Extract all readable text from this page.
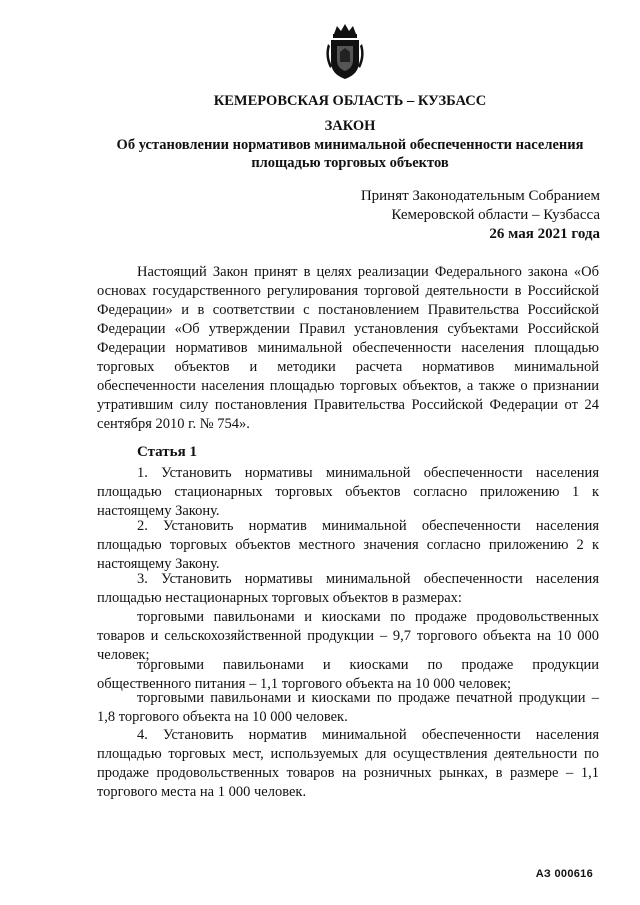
КЕМЕРОВСКАЯ ОБЛАСТЬ – КУЗБАСС
ЗАКОН
Об установлении нормативов минимальной обеспеченности населения
площадью торговых объектов
Принят Законодательным Собранием
Кемеровской области – Кузбасса
26 мая 2021 года
Настоящий Закон принят в целях реализации Федерального закона «Об основах государственного регулирования торговой деятельности в Российской Федерации» и в соответствии с постановлением Правительства Российской Федерации «Об утверждении Правил установления субъектами Российской Федерации нормативов минимальной обеспеченности населения площадью торговых объектов и методики расчета нормативов минимальной обеспеченности населения площадью торговых объектов, а также о признании утратившим силу постановления Правительства Российской Федерации от 24 сентября 2010 г. № 754».
Статья 1
1. Установить нормативы минимальной обеспеченности населения площадью стационарных торговых объектов согласно приложению 1 к настоящему Закону.
2. Установить норматив минимальной обеспеченности населения площадью торговых объектов местного значения согласно приложению 2 к настоящему Закону.
3. Установить нормативы минимальной обеспеченности населения площадью нестационарных торговых объектов в размерах:
торговыми павильонами и киосками по продаже продовольственных товаров и сельскохозяйственной продукции – 9,7 торгового объекта на 10 000 человек;
торговыми павильонами и киосками по продаже продукции общественного питания – 1,1 торгового объекта на 10 000 человек;
торговыми павильонами и киосками по продаже печатной продукции – 1,8 торгового объекта на 10 000 человек.
4. Установить норматив минимальной обеспеченности населения площадью торговых мест, используемых для осуществления деятельности по продаже продовольственных товаров на розничных рынках, в размере – 1,1 торгового места на 1 000 человек.
АЗ 000616
